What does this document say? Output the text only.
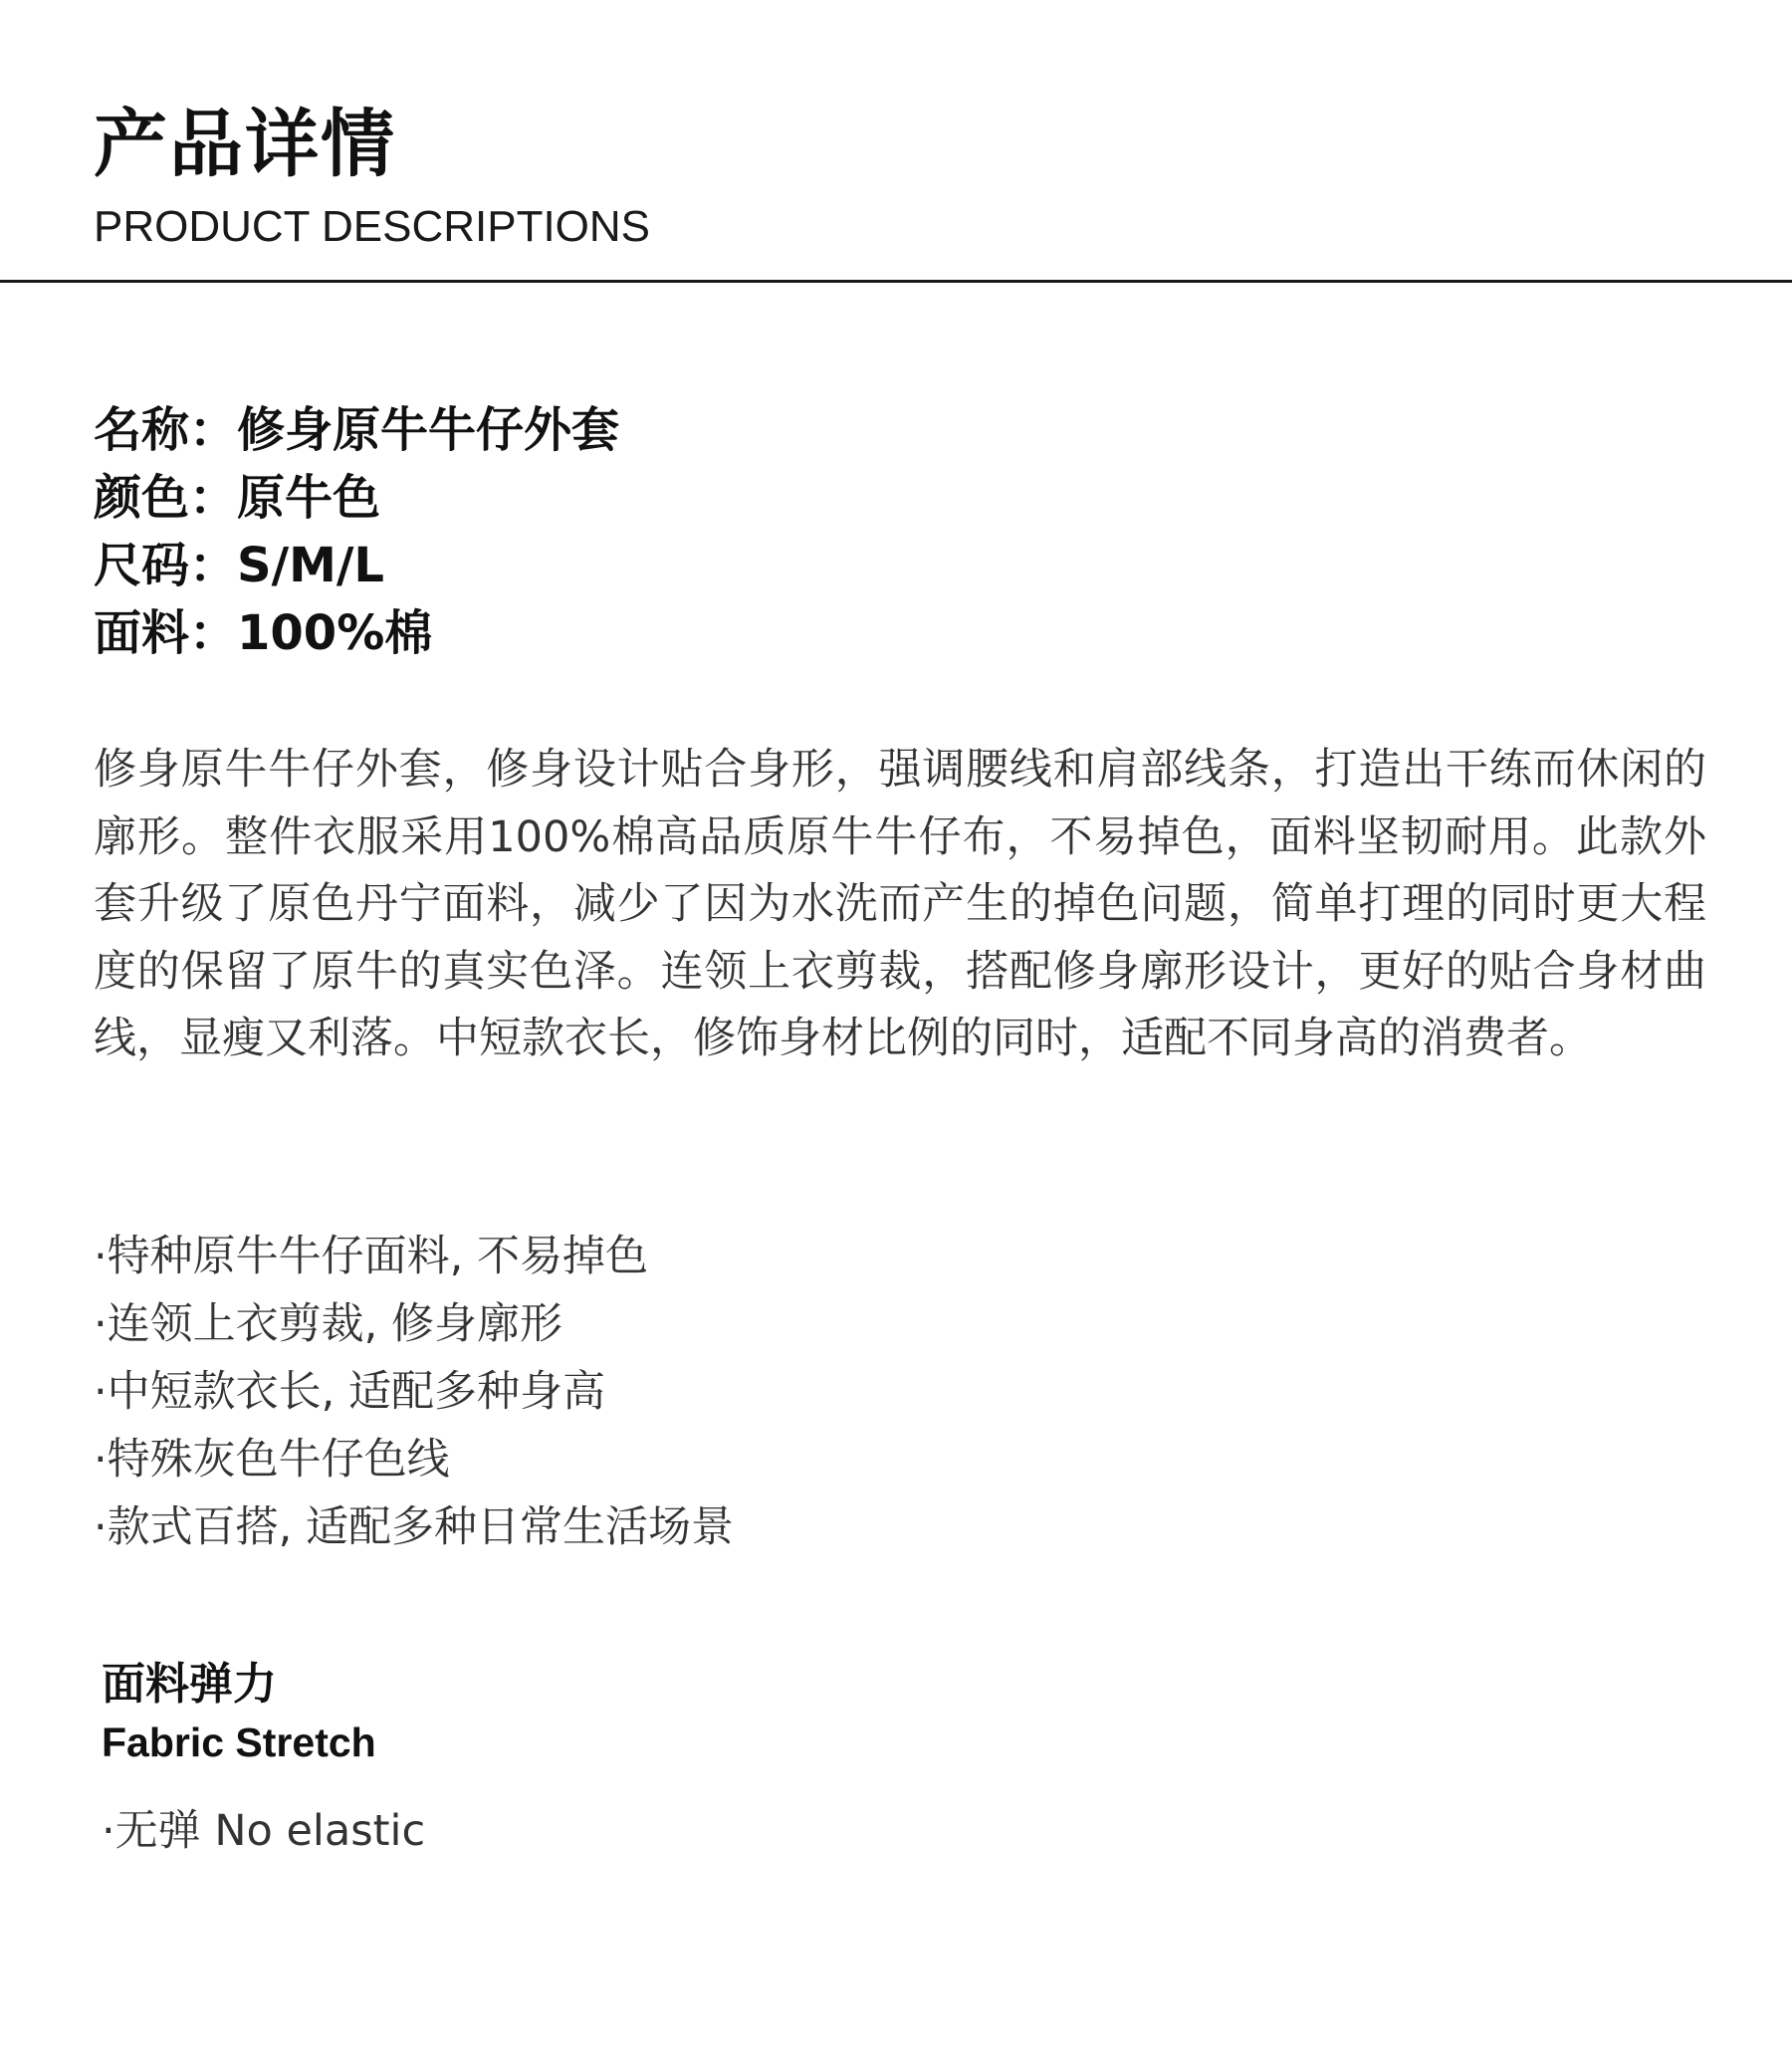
产品详情
PRODUCT DESCRIPTIONS
名称：修身原牛牛仔外套
颜色：原牛色
尺码：S/M/L
面料：100%棉

修身原牛牛仔外套，修身设计贴合身形，强调腰线和肩部线条，打造出干练而休闲的廓形。整件衣服采用100%棉高品质原牛牛仔布，不易掉色，面料坚韧耐用。此款外套升级了原色丹宁面料，减少了因为水洗而产生的掉色问题，简单打理的同时更大程度的保留了原牛的真实色泽。连领上衣剪裁，搭配修身廓形设计，更好的贴合身材曲线，显瘦又利落。中短款衣长，修饰身材比例的同时，适配不同身高的消费者。

·特种原牛牛仔面料, 不易掉色
·连领上衣剪裁, 修身廓形
·中短款衣长, 适配多种身高
·特殊灰色牛仔色线
·款式百搭, 适配多种日常生活场景
面料弹力
Fabric Stretch
·无弹 No elastic
